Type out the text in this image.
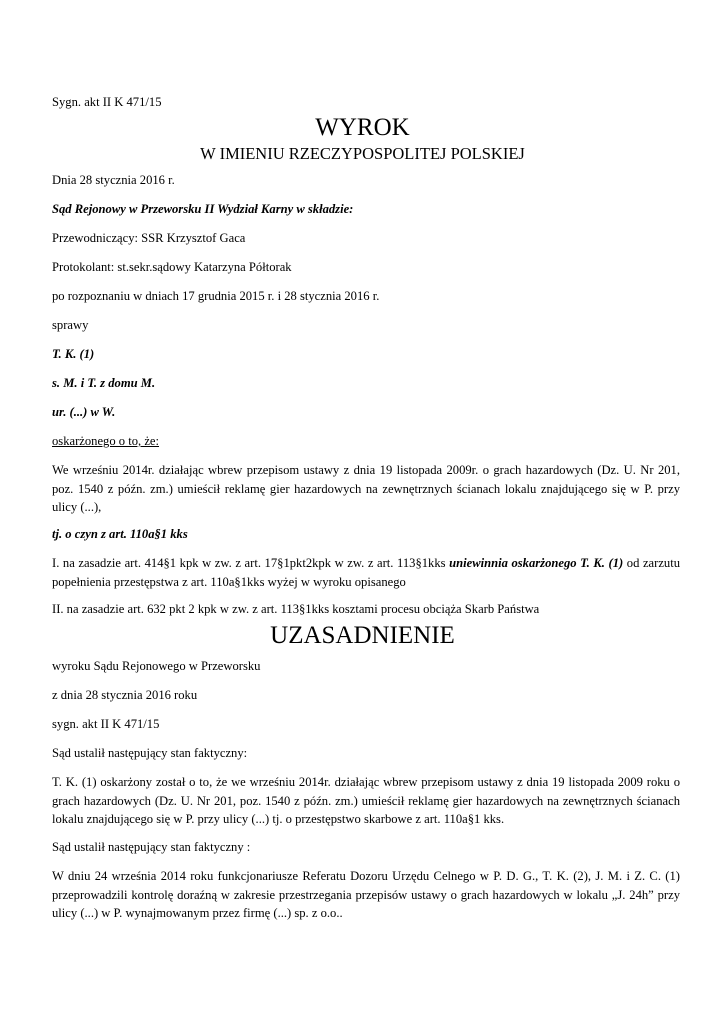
Sygn. akt II K 471/15

WYROK
W IMIENIU RZECZYPOSPOLITEJ POLSKIEJ

Dnia 28 stycznia 2016 r.

Sąd Rejonowy w Przeworsku II Wydział Karny w składzie:

Przewodniczący: SSR Krzysztof Gaca

Protokolant: st.sekr.sądowy Katarzyna Półtorak

po rozpoznaniu w dniach 17 grudnia 2015 r. i 28 stycznia 2016 r.

sprawy

T. K. (1)

s. M. i T. z domu M.

ur. (...) w W.

oskarżonego o to, że:

We wrześniu 2014r. działając wbrew przepisom ustawy z dnia 19 listopada 2009r. o grach hazardowych (Dz. U. Nr 201, poz. 1540 z późn. zm.) umieścił reklamę gier hazardowych na zewnętrznych ścianach lokalu znajdującego się w P. przy ulicy (...),

tj. o czyn z art. 110a§1 kks

I. na zasadzie art. 414§1 kpk w zw. z art. 17§1pkt2kpk w zw. z art. 113§1kks uniewinnia oskarżonego T. K. (1) od zarzutu popełnienia przestępstwa z art. 110a§1kks wyżej w wyroku opisanego

II. na zasadzie art. 632 pkt 2 kpk w zw. z art. 113§1kks kosztami procesu obciąża Skarb Państwa

UZASADNIENIE

wyroku Sądu Rejonowego w Przeworsku

z dnia 28 stycznia 2016 roku

sygn. akt II K 471/15

Sąd ustalił następujący stan faktyczny:

T. K. (1) oskarżony został o to, że we wrześniu 2014r. działając wbrew przepisom ustawy z dnia 19 listopada 2009 roku o grach hazardowych (Dz. U. Nr 201, poz. 1540 z późn. zm.) umieścił reklamę gier hazardowych na zewnętrznych ścianach lokalu znajdującego się w P. przy ulicy (...) tj. o przestępstwo skarbowe z art. 110a§1 kks.

Sąd ustalił następujący stan faktyczny :

W dniu 24 września 2014 roku funkcjonariusze Referatu Dozoru Urzędu Celnego w P. D. G., T. K. (2), J. M. i Z. C. (1) przeprowadzili kontrolę doraźną w zakresie przestrzegania przepisów ustawy o grach hazardowych w lokalu „J. 24h” przy ulicy (...) w P. wynajmowanym przez firmę (...) sp. z o.o..
